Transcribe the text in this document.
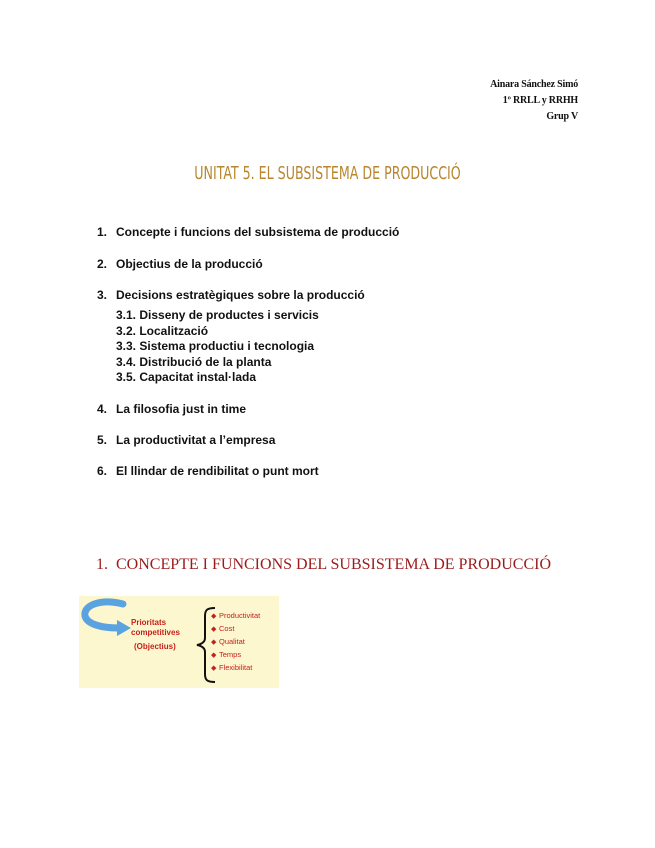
Ainara Sánchez Simó
1º RRLL y RRHH
Grup V
UNITAT 5. EL SUBSISTEMA DE PRODUCCIÓ
1. Concepte i funcions del subsistema de producció
2. Objectius de la producció
3. Decisions estratègiques sobre la producció
3.1. Disseny de productes i servicis
3.2. Localització
3.3. Sistema productiu i tecnologia
3.4. Distribució de la planta
3.5. Capacitat instal·lada
4. La filosofia just in time
5. La productivitat a l’empresa
6. El llindar de rendibilitat o punt mort
1. CONCEPTE I FUNCIONS DEL SUBSISTEMA DE PRODUCCIÓ
Prioritats
competitives
(Objectius)
◆ Productivitat
◆ Cost
◆ Qualitat
◆ Temps
◆ Flexibilitat
